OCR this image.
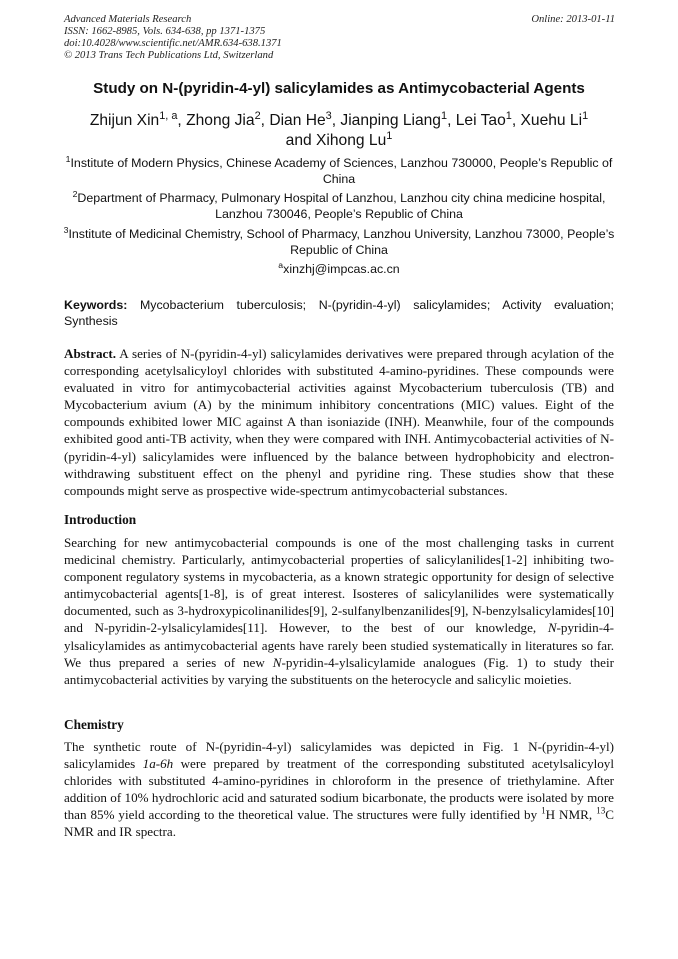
Advanced Materials Research
ISSN: 1662-8985, Vols. 634-638, pp 1371-1375
doi:10.4028/www.scientific.net/AMR.634-638.1371
© 2013 Trans Tech Publications Ltd, Switzerland
Online: 2013-01-11
Study on N-(pyridin-4-yl) salicylamides as Antimycobacterial Agents
Zhijun Xin$^{1, a}$, Zhong Jia$^2$, Dian He$^3$, Jianping Liang$^1$, Lei Tao$^1$, Xuehu Li$^1$
and Xihong Lu$^1$
$^1$Institute of Modern Physics, Chinese Academy of Sciences, Lanzhou 730000, People’s Republic of China
$^2$Department of Pharmacy, Pulmonary Hospital of Lanzhou, Lanzhou city china medicine hospital, Lanzhou 730046, People’s Republic of China
$^3$Institute of Medicinal Chemistry, School of Pharmacy, Lanzhou University, Lanzhou 73000, People’s Republic of China
$^a$xinzhj@impcas.ac.cn
Keywords: Mycobacterium tuberculosis; N-(pyridin-4-yl) salicylamides; Activity evaluation; Synthesis
Abstract. A series of N-(pyridin-4-yl) salicylamides derivatives were prepared through acylation of the corresponding acetylsalicyloyl chlorides with substituted 4-amino-pyridines. These compounds were evaluated in vitro for antimycobacterial activities against Mycobacterium tuberculosis (TB) and Mycobacterium avium (A) by the minimum inhibitory concentrations (MIC) values. Eight of the compounds exhibited lower MIC against A than isoniazide (INH). Meanwhile, four of the compounds exhibited good anti-TB activity, when they were compared with INH. Antimycobacterial activities of N-(pyridin-4-yl) salicylamides were influenced by the balance between hydrophobicity and electron-withdrawing substituent effect on the phenyl and pyridine ring. These studies show that these compounds might serve as prospective wide-spectrum antimycobacterial substances.
Introduction
Searching for new antimycobacterial compounds is one of the most challenging tasks in current medicinal chemistry. Particularly, antimycobacterial properties of salicylanilides[1-2] inhibiting two-component regulatory systems in mycobacteria, as a known strategic opportunity for design of selective antimycobacterial agents[1-8], is of great interest. Isosteres of salicylanilides were systematically documented, such as 3-hydroxypicolinanilides[9], 2-sulfanylbenzanilides[9], N-benzylsalicylamides[10] and N-pyridin-2-ylsalicylamides[11]. However, to the best of our knowledge, N-pyridin-4-ylsalicylamides as antimycobacterial agents have rarely been studied systematically in literatures so far. We thus prepared a series of new N-pyridin-4-ylsalicylamide analogues (Fig. 1) to study their antimycobacterial activities by varying the substituents on the heterocycle and salicylic moieties.
Chemistry
The synthetic route of N-(pyridin-4-yl) salicylamides was depicted in Fig. 1 N-(pyridin-4-yl) salicylamides 1a-6h were prepared by treatment of the corresponding substituted acetylsalicyloyl chlorides with substituted 4-amino-pyridines in chloroform in the presence of triethylamine. After addition of 10% hydrochloric acid and saturated sodium bicarbonate, the products were isolated by more than 85% yield according to the theoretical value. The structures were fully identified by $^1$H NMR, $^{13}$C NMR and IR spectra.
